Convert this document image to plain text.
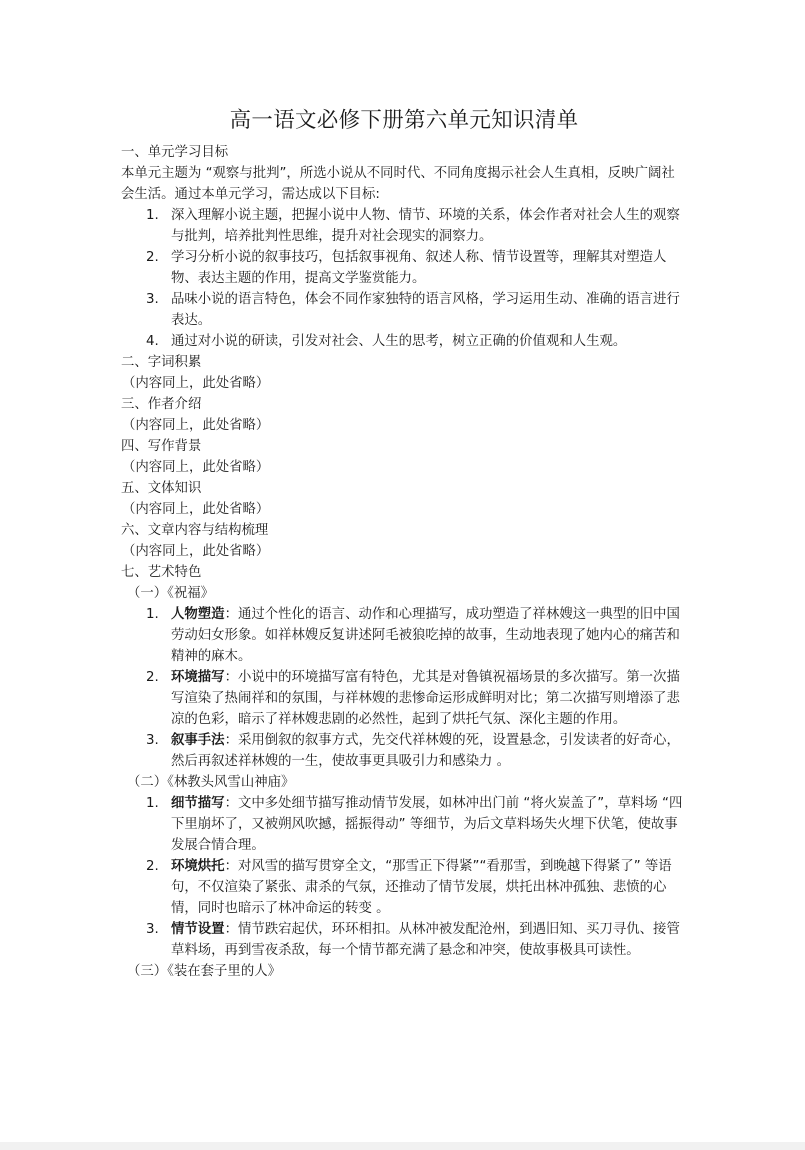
高一语文必修下册第六单元知识清单

一、单元学习目标

本单元主题为 “观察与批判”，所选小说从不同时代、不同角度揭示社会人生真相，反映广阔社会生活。通过本单元学习，需达成以下目标:

1. 深入理解小说主题，把握小说中人物、情节、环境的关系，体会作者对社会人生的观察与批判，培养批判性思维，提升对社会现实的洞察力。
2. 学习分析小说的叙事技巧，包括叙事视角、叙述人称、情节设置等，理解其对塑造人物、表达主题的作用，提高文学鉴赏能力。
3. 品味小说的语言特色，体会不同作家独特的语言风格，学习运用生动、准确的语言进行表达。
4. 通过对小说的研读，引发对社会、人生的思考，树立正确的价值观和人生观。

二、字词积累

（内容同上，此处省略）

三、作者介绍

（内容同上，此处省略）

四、写作背景

（内容同上，此处省略）

五、文体知识

（内容同上，此处省略）

六、文章内容与结构梳理

（内容同上，此处省略）

七、艺术特色

（一）《祝福》

1. 人物塑造：通过个性化的语言、动作和心理描写，成功塑造了祥林嫂这一典型的旧中国劳动妇女形象。如祥林嫂反复讲述阿毛被狼吃掉的故事，生动地表现了她内心的痛苦和精神的麻木。
2. 环境描写：小说中的环境描写富有特色，尤其是对鲁镇祝福场景的多次描写。第一次描写渲染了热闹祥和的氛围，与祥林嫂的悲惨命运形成鲜明对比；第二次描写则增添了悲凉的色彩，暗示了祥林嫂悲剧的必然性，起到了烘托气氛、深化主题的作用。
3. 叙事手法：采用倒叙的叙事方式，先交代祥林嫂的死，设置悬念，引发读者的好奇心，然后再叙述祥林嫂的一生，使故事更具吸引力和感染力 。

（二）《林教头风雪山神庙》

1. 细节描写：文中多处细节描写推动情节发展，如林冲出门前 “将火炭盖了”，草料场 “四下里崩坏了，又被朔风吹撼，摇振得动” 等细节，为后文草料场失火埋下伏笔，使故事发展合情合理。
2. 环境烘托：对风雪的描写贯穿全文，“那雪正下得紧”“看那雪，到晚越下得紧了” 等语句，不仅渲染了紧张、肃杀的气氛，还推动了情节发展，烘托出林冲孤独、悲愤的心情，同时也暗示了林冲命运的转变 。
3. 情节设置：情节跌宕起伏，环环相扣。从林冲被发配沧州，到遇旧知、买刀寻仇、接管草料场，再到雪夜杀敌，每一个情节都充满了悬念和冲突，使故事极具可读性。

（三）《装在套子里的人》
